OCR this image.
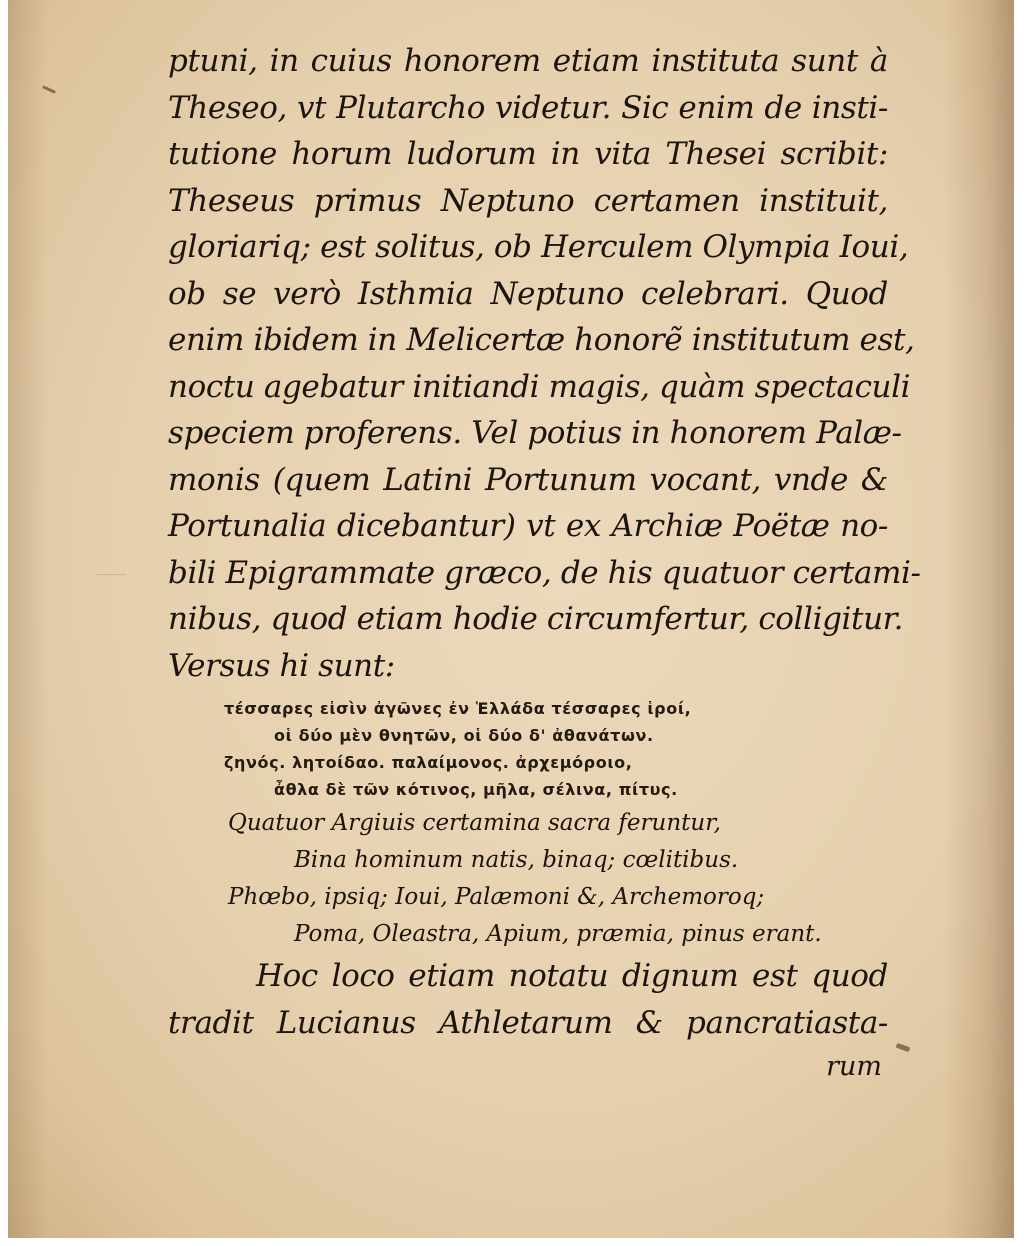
ptuni, in cuius honorem etiam instituta sunt à
Theseo, vt Plutarcho videtur. Sic enim de insti-
tutione horum ludorum in vita Thesei scribit:
Theseus primus Neptuno certamen instituit,
gloriariq; est solitus, ob Herculem Olympia Ioui,
ob se verò Isthmia Neptuno celebrari. Quod
enim ibidem in Melicertæ honorẽ institutum est,
noctu agebatur initiandi magis, quàm spectaculi
speciem proferens. Vel potius in honorem Palæ-
monis (quem Latini Portunum vocant, vnde &
Portunalia dicebantur) vt ex Archiæ Poëtæ no-
bili Epigrammate græco, de his quatuor certami-
nibus, quod etiam hodie circumfertur, colligitur.
Versus hi sunt:
τέσσαρες εἰσὶν ἀγῶνες ἐν Ἑλλάδα τέσσαρες ἱροί,
οἱ δύο μὲν θνητῶν, οἱ δύο δ' ἀθανάτων.
ζηνός. λητοίδαο. παλαίμονος. ἀρχεμόροιο,
ἆθλα δὲ τῶν κότινος, μῆλα, σέλινα, πίτυς.
Quatuor Argiuis certamina sacra feruntur,
Bina hominum natis, binaq; cœlitibus.
Phœbo, ipsiq; Ioui, Palæmoni &, Archemoroq;
Poma, Oleastra, Apium, præmia, pinus erant.
Hoc loco etiam notatu dignum est quod
tradit Lucianus Athletarum & pancratiasta-
rum
